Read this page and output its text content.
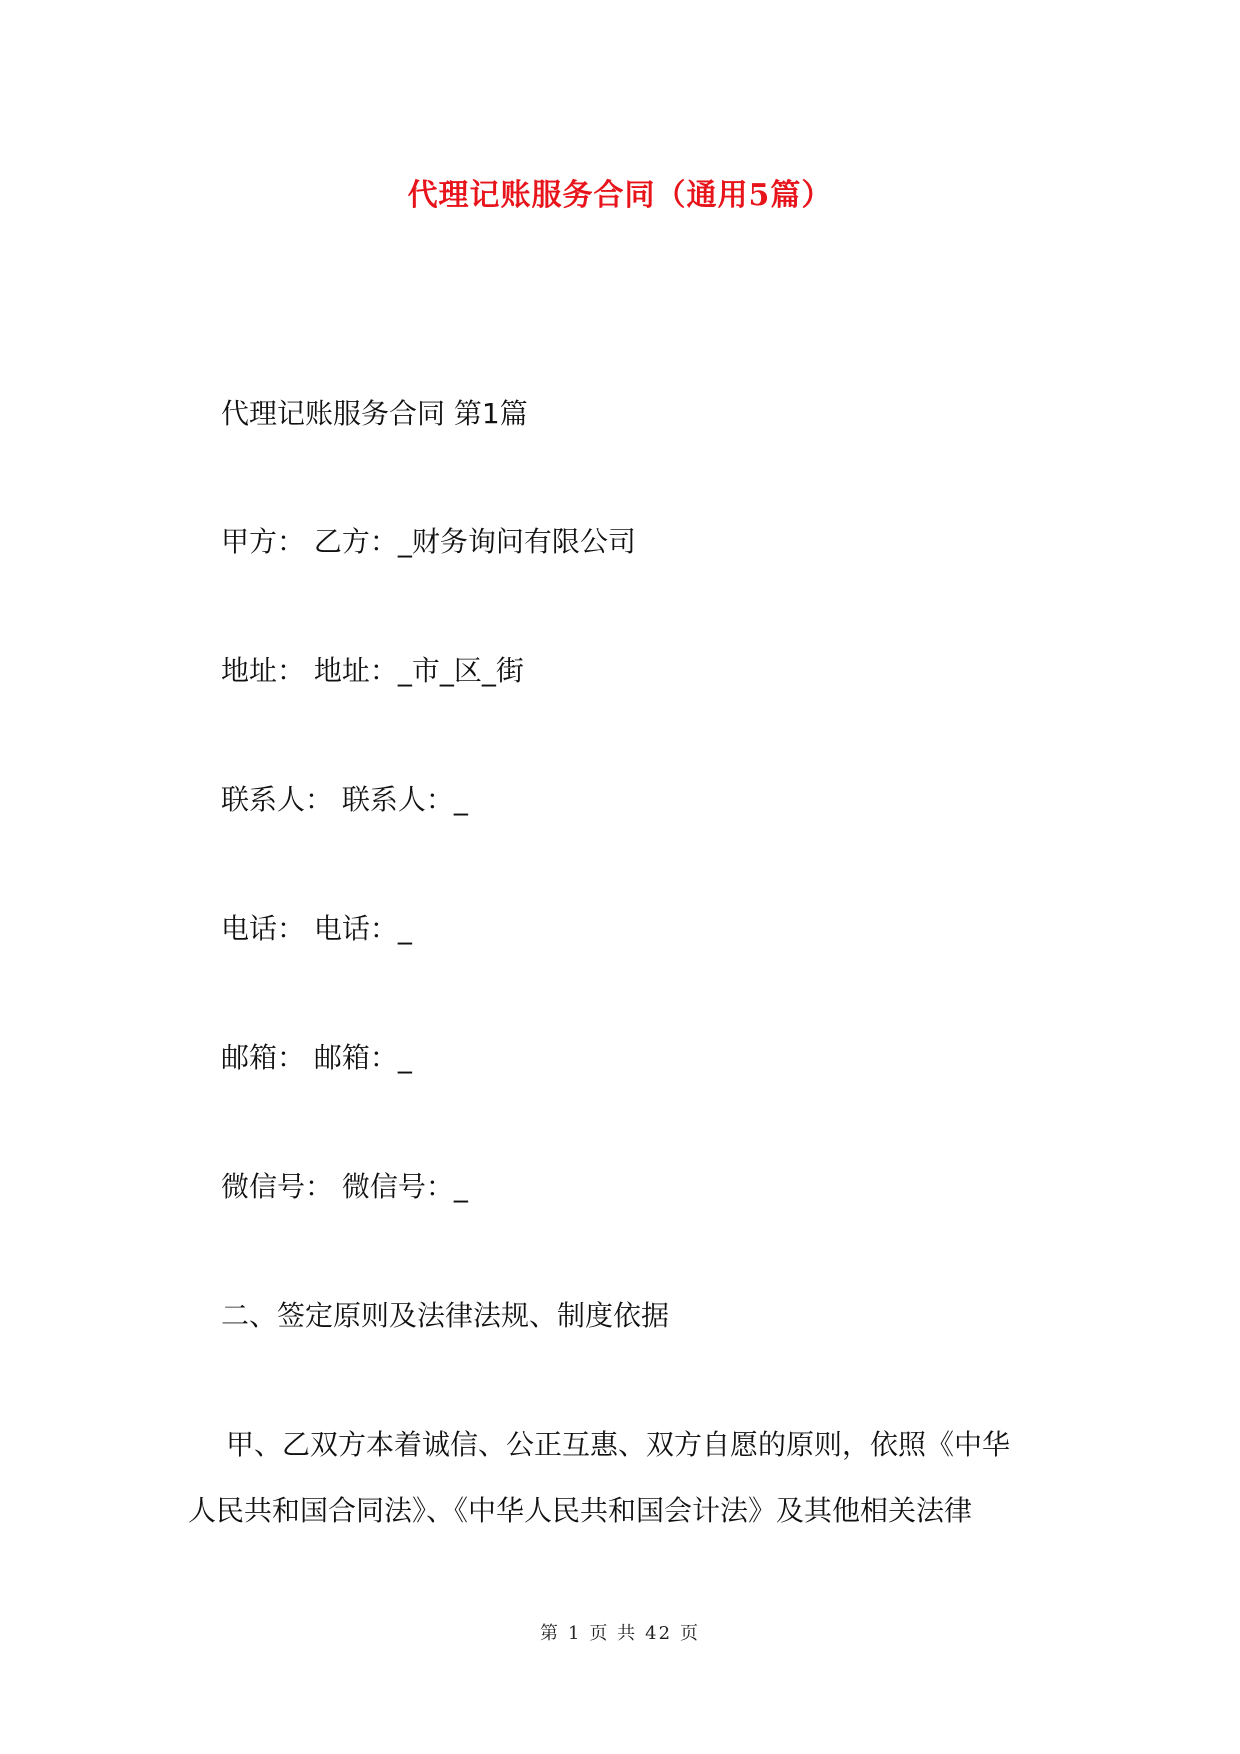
代理记账服务合同（通用5篇）
代理记账服务合同 第1篇
甲方： 乙方：_财务询问有限公司
地址： 地址：_市_区_街
联系人： 联系人：_
电话： 电话：_
邮箱： 邮箱：_
微信号： 微信号：_
二、签定原则及法律法规、制度依据
甲、乙双方本着诚信、公正互惠、双方自愿的原则，依照《中华
人民共和国合同法》、《中华人民共和国会计法》及其他相关法律
第 1 页 共 42 页
